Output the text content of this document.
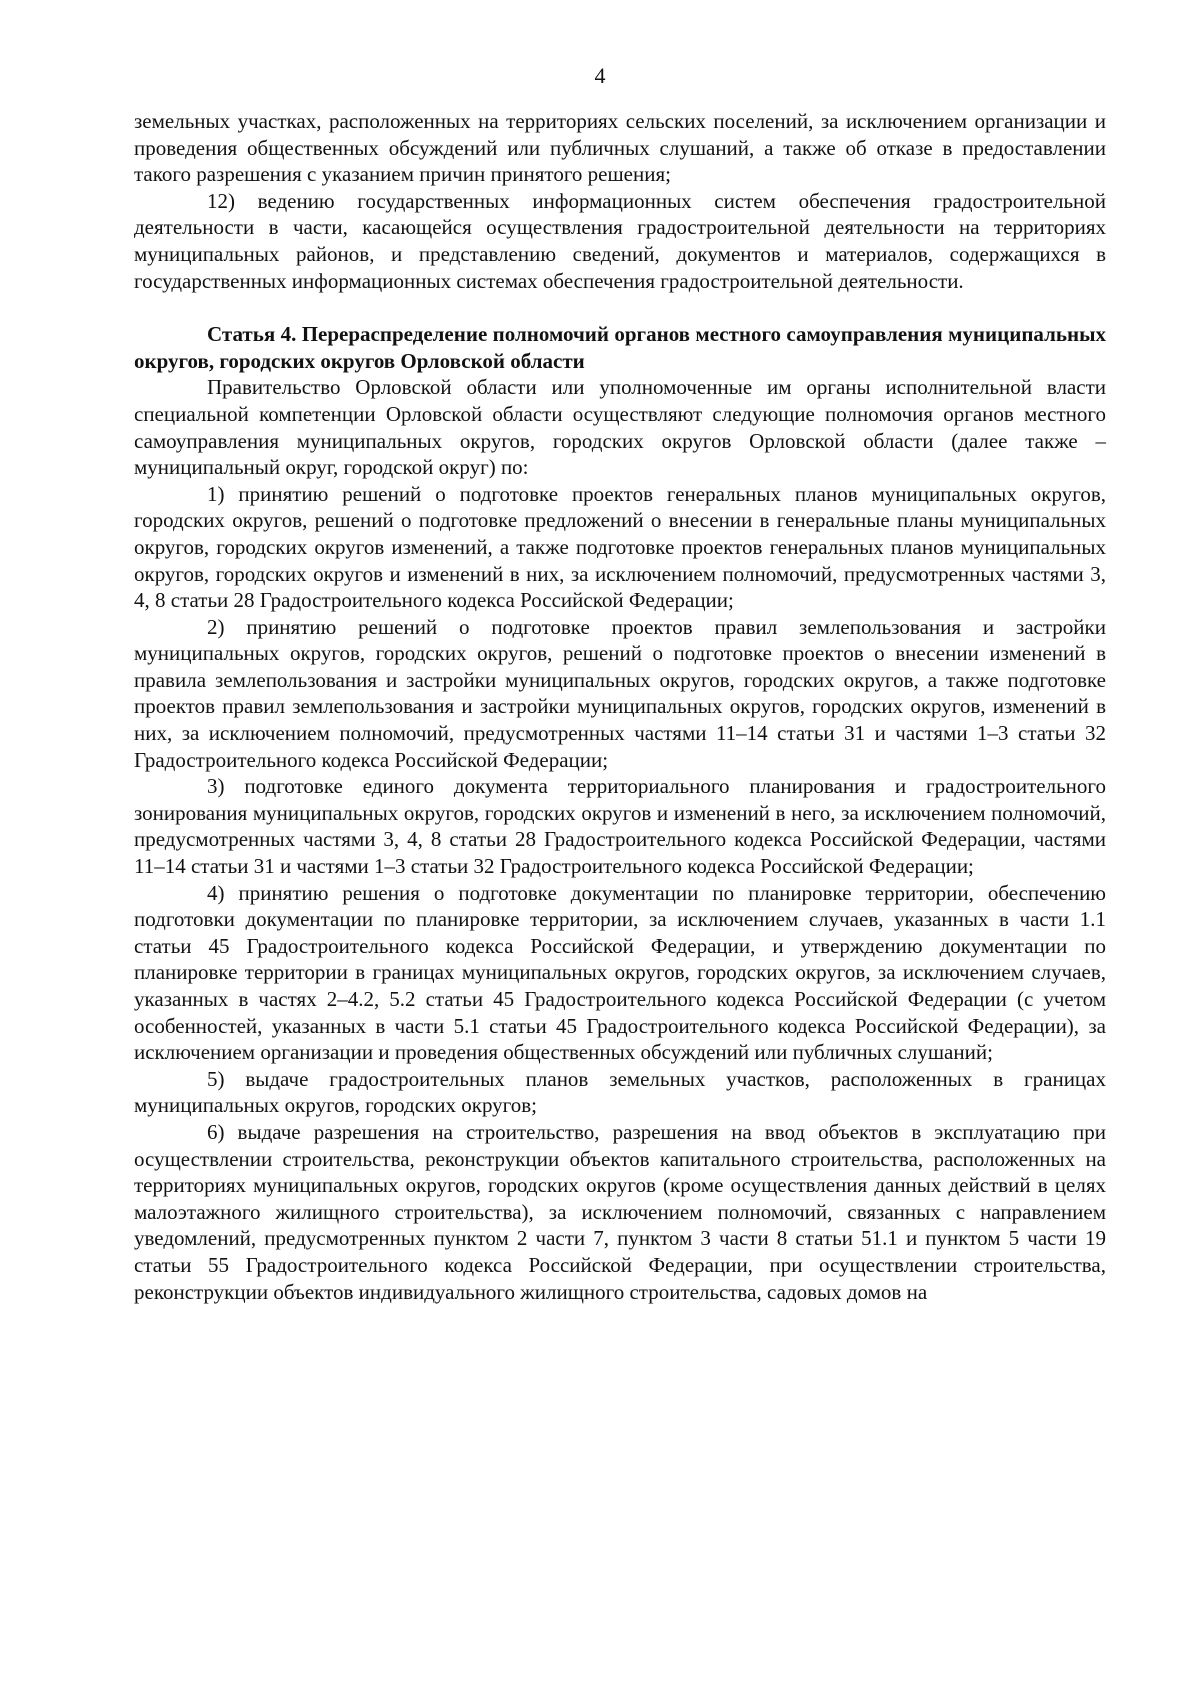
4

земельных участках, расположенных на территориях сельских поселений, за исключением организации и проведения общественных обсуждений или публичных слушаний, а также об отказе в предоставлении такого разрешения с указанием причин принятого решения;

12) ведению государственных информационных систем обеспечения градостроительной деятельности в части, касающейся осуществления градостроительной деятельности на территориях муниципальных районов, и представлению сведений, документов и материалов, содержащихся в государственных информационных системах обеспечения градостроительной деятельности.

Статья 4. Перераспределение полномочий органов местного самоуправления муниципальных округов, городских округов Орловской области

Правительство Орловской области или уполномоченные им органы исполнительной власти специальной компетенции Орловской области осуществляют следующие полномочия органов местного самоуправления муниципальных округов, городских округов Орловской области (далее также – муниципальный округ, городской округ) по:

1) принятию решений о подготовке проектов генеральных планов муниципальных округов, городских округов, решений о подготовке предложений о внесении в генеральные планы муниципальных округов, городских округов изменений, а также подготовке проектов генеральных планов муниципальных округов, городских округов и изменений в них, за исключением полномочий, предусмотренных частями 3, 4, 8 статьи 28 Градостроительного кодекса Российской Федерации;

2) принятию решений о подготовке проектов правил землепользования и застройки муниципальных округов, городских округов, решений о подготовке проектов о внесении изменений в правила землепользования и застройки муниципальных округов, городских округов, а также подготовке проектов правил землепользования и застройки муниципальных округов, городских округов, изменений в них, за исключением полномочий, предусмотренных частями 11–14 статьи 31 и частями 1–3 статьи 32 Градостроительного кодекса Российской Федерации;

3) подготовке единого документа территориального планирования и градостроительного зонирования муниципальных округов, городских округов и изменений в него, за исключением полномочий, предусмотренных частями 3, 4, 8 статьи 28 Градостроительного кодекса Российской Федерации, частями 11–14 статьи 31 и частями 1–3 статьи 32 Градостроительного кодекса Российской Федерации;

4) принятию решения о подготовке документации по планировке территории, обеспечению подготовки документации по планировке территории, за исключением случаев, указанных в части 1.1 статьи 45 Градостроительного кодекса Российской Федерации, и утверждению документации по планировке территории в границах муниципальных округов, городских округов, за исключением случаев, указанных в частях 2–4.2, 5.2 статьи 45 Градостроительного кодекса Российской Федерации (с учетом особенностей, указанных в части 5.1 статьи 45 Градостроительного кодекса Российской Федерации), за исключением организации и проведения общественных обсуждений или публичных слушаний;

5) выдаче градостроительных планов земельных участков, расположенных в границах муниципальных округов, городских округов;

6) выдаче разрешения на строительство, разрешения на ввод объектов в эксплуатацию при осуществлении строительства, реконструкции объектов капитального строительства, расположенных на территориях муниципальных округов, городских округов (кроме осуществления данных действий в целях малоэтажного жилищного строительства), за исключением полномочий, связанных с направлением уведомлений, предусмотренных пунктом 2 части 7, пунктом 3 части 8 статьи 51.1 и пунктом 5 части 19 статьи 55 Градостроительного кодекса Российской Федерации, при осуществлении строительства, реконструкции объектов индивидуального жилищного строительства, садовых домов на
